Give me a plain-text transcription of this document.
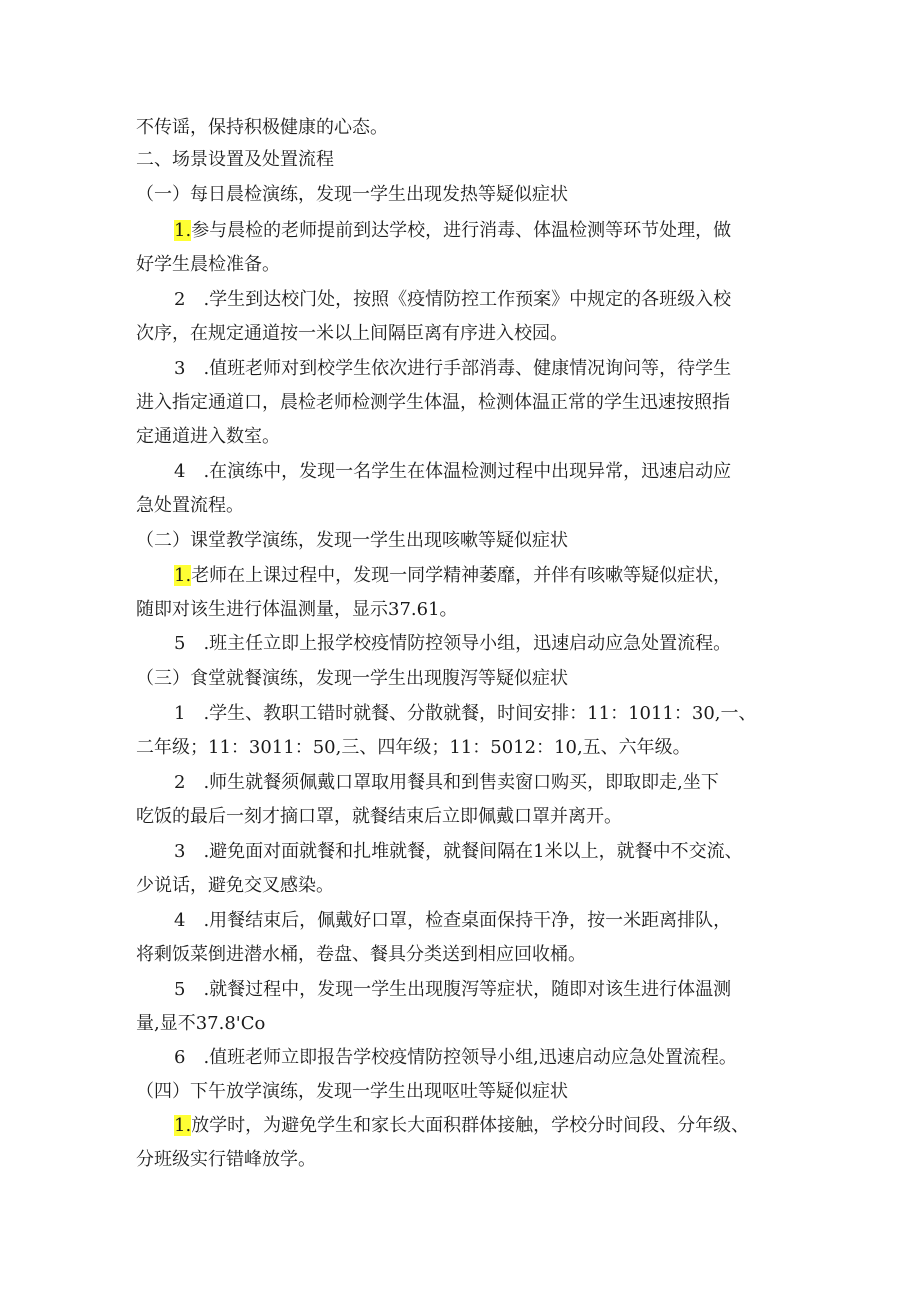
不传谣，保持积极健康的心态。
二、场景设置及处置流程
（一）每日晨检演练，发现一学生出现发热等疑似症状
1.参与晨检的老师提前到达学校，进行消毒、体温检测等环节处理，做
好学生晨检准备。
2　.学生到达校门处，按照《疫情防控工作预案》中规定的各班级入校
次序，在规定通道按一米以上间隔臣离有序进入校园。
3　.值班老师对到校学生依次进行手部消毒、健康情况询问等，待学生
进入指定通道口，晨检老师检测学生体温，检测体温正常的学生迅速按照指
定通道进入数室。
4　.在演练中，发现一名学生在体温检测过程中出现异常，迅速启动应
急处置流程。
（二）课堂教学演练，发现一学生出现咳嗽等疑似症状
1.老师在上课过程中，发现一同学精神萎靡，并伴有咳嗽等疑似症状，
随即对该生进行体温测量，显示37.61。
5　.班主任立即上报学校疫情防控领导小组，迅速启动应急处置流程。
（三）食堂就餐演练，发现一学生出现腹泻等疑似症状
1　.学生、教职工错时就餐、分散就餐，时间安排：11：1011：30,一、
二年级；11：3011：50,三、四年级；11：5012：10,五、六年级。
2　.师生就餐须佩戴口罩取用餐具和到售卖窗口购买，即取即走,坐下
吃饭的最后一刻才摘口罩，就餐结束后立即佩戴口罩并离开。
3　.避免面对面就餐和扎堆就餐，就餐间隔在1米以上，就餐中不交流、
少说话，避免交叉感染。
4　.用餐结束后，佩戴好口罩，检查桌面保持干净，按一米距离排队，
将剩饭菜倒进潜水桶，卷盘、餐具分类送到相应回收桶。
5　.就餐过程中，发现一学生出现腹泻等症状，随即对该生进行体温测
量,显不37.8'Co
6　.值班老师立即报告学校疫情防控领导小组,迅速启动应急处置流程。
（四）下午放学演练，发现一学生出现呕吐等疑似症状
1.放学时，为避免学生和家长大面积群体接触，学校分时间段、分年级、
分班级实行错峰放学。
